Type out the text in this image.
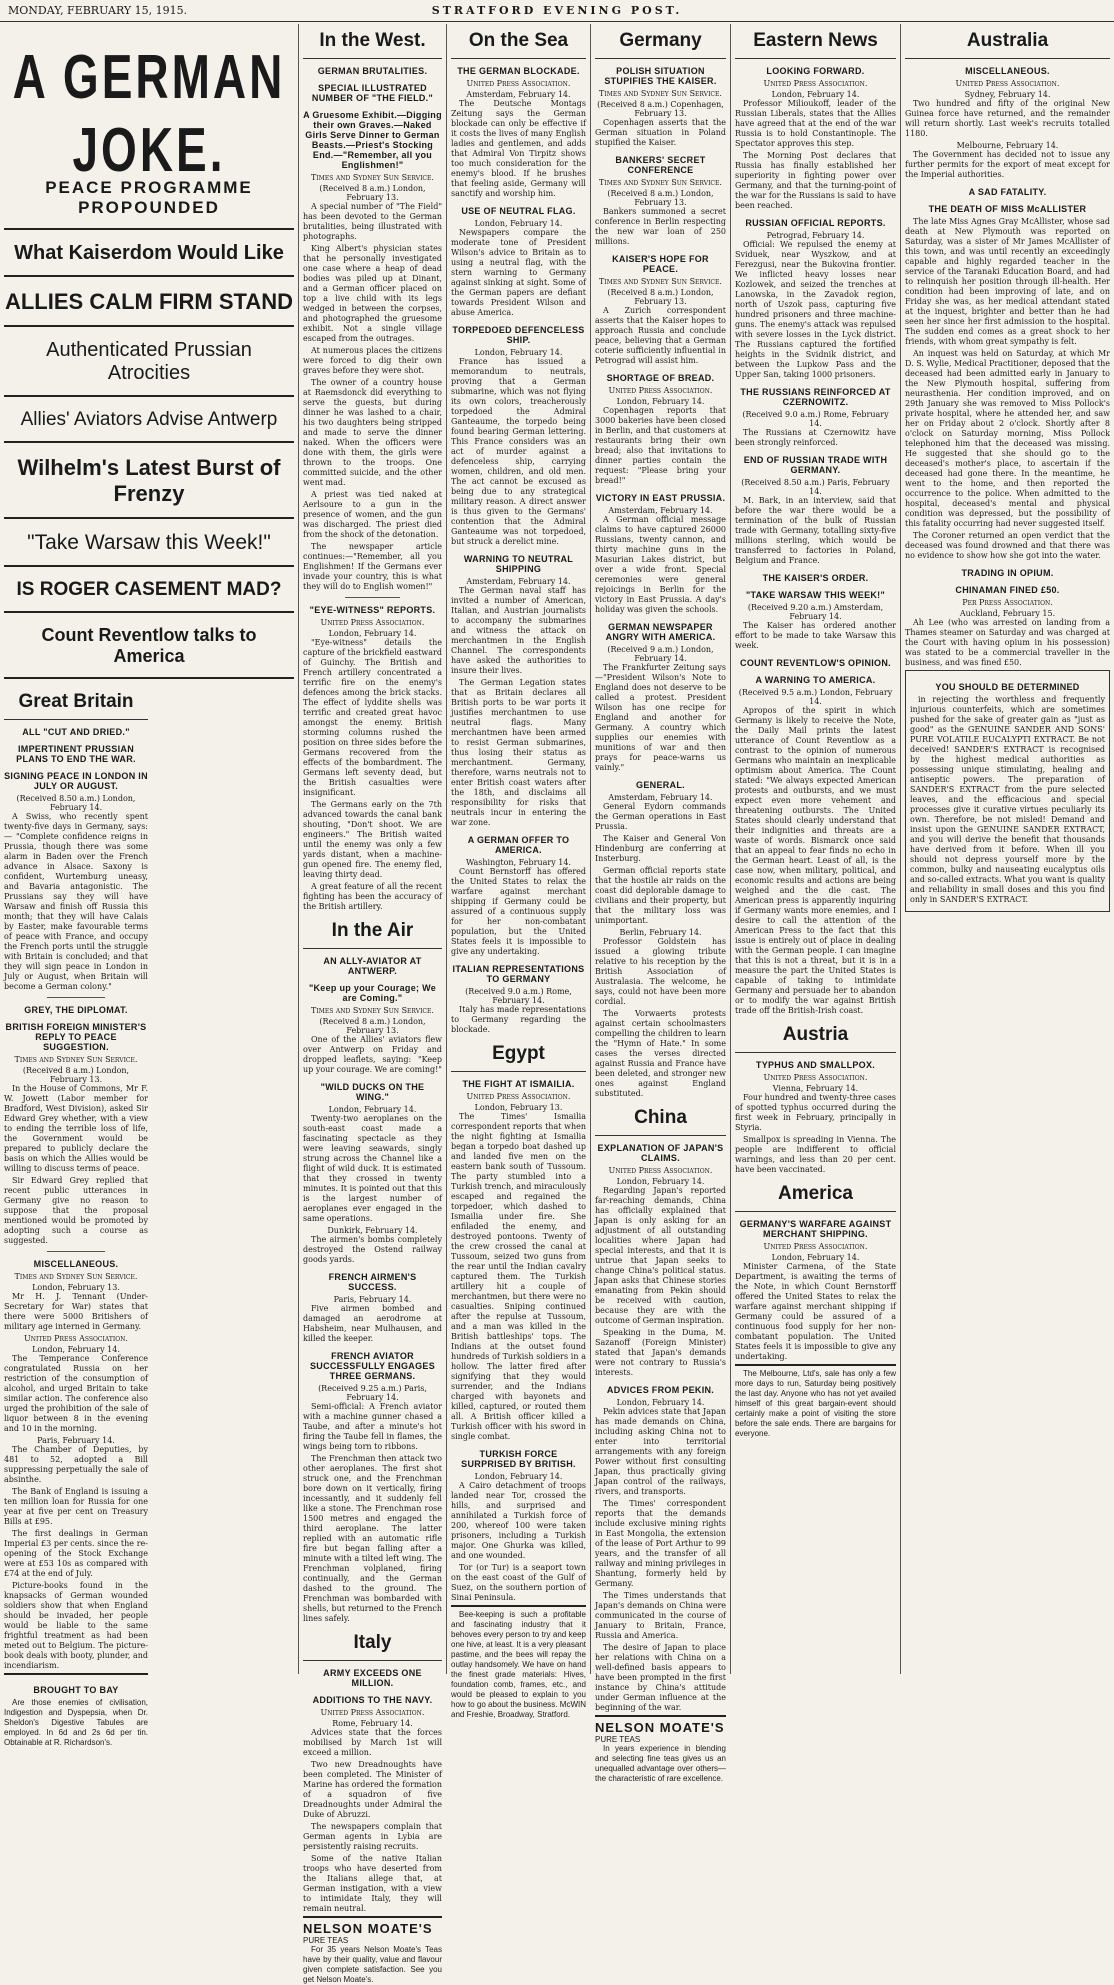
MONDAY, FEBRUARY 15, 1915.	STRATFORD EVENING POST.
A GERMAN JOKE.
PEACE PROGRAMME PROPOUNDED
What Kaiserdom Would Like
ALLIES CALM FIRM STAND
Authenticated Prussian Atrocities
Allies' Aviators Advise Antwerp
Wilhelm's Latest Burst of Frenzy
"Take Warsaw this Week!"
IS ROGER CASEMENT MAD?
Count Reventlow talks to America
Great Britain
ALL "CUT AND DRIED."
IMPERTINENT PRUSSIAN PLANS TO END THE WAR.
SIGNING PEACE IN LONDON IN JULY OR AUGUST.
(Received 8.50 a.m.) London, February 14.

A Swiss, who recently spent twenty-five days in Germany, says:— "Complete confidence reigns in Prussia, though there was some alarm in Baden over the French advance in Alsace. Saxony is confident, Wurtemburg uneasy, and Bavaria antagonistic. The Prussians say they will have Warsaw and finish off Russia this month; that they will have Calais by Easter, make favourable terms of peace with France, and occupy the French ports until the struggle with Britain is concluded; and that they will sign peace in London in July or August, when Britain will become a German colony."

GREY, THE DIPLOMAT.
BRITISH FOREIGN MINISTER'S REPLY TO PEACE SUGGESTION.
Times and Sydney Sun Service.
(Received 8 a.m.) London, February 13.

In the House of Commons, Mr F. W. Jowett (Labor member for Bradford, West Division), asked Sir Edward Grey whether, with a view to ending the terrible loss of life, the Government would be prepared to publicly declare the basis on which the Allies would be willing to discuss terms of peace.

Sir Edward Grey replied that recent public utterances in Germany give no reason to suppose that the proposal mentioned would be promoted by adopting such a course as suggested.

MISCELLANEOUS.
Times and Sydney Sun Service.
London, February 13.

Mr H. J. Tennant (Under-Secretary for War) states that there were 5000 Britishers of military age interned in Germany.

United Press Association.
London, February 14.

The Temperance Conference congratulated Russia on her restriction of the consumption of alcohol, and urged Britain to take similar action. The conference also urged the prohibition of the sale of liquor between 8 in the evening and 10 in the morning.

Paris, February 14.

The Chamber of Deputies, by 481 to 52, adopted a Bill suppressing perpetually the sale of absinthe.

The Bank of England is issuing a ten million loan for Russia for one year at five per cent on Treasury Bills at £95.

The first dealings in German Imperial £3 per cents. since the re-opening of the Stock Exchange were at £53 10s as compared with £74 at the end of July.

Picture-books found in the knapsacks of German wounded soldiers show that when England should be invaded, her people would be liable to the same frightful treatment as had been meted out to Belgium. The picture-book deals with booty, plunder, and incendiarism.

BROUGHT TO BAY

Are those enemies of civilisation, Indigestion and Dyspepsia, when Dr. Sheldon's Digestive Tabules are employed. In 6d and 2s 6d per tin. Obtainable at R. Richardson's.

In the West.
GERMAN BRUTALITIES.
SPECIAL ILLUSTRATED NUMBER OF "THE FIELD."
A Gruesome Exhibit.—Digging their own Graves.—Naked Girls Serve Dinner to German Beasts.—Priest's Stocking End.—"Remember, all you Englishmen!"
Times and Sydney Sun Service.
(Received 8 a.m.) London, February 13.

A special number of "The Field" has been devoted to the German brutalities, being illustrated with photographs.

King Albert's physician states that he personally investigated one case where a heap of dead bodies was piled up at Dinant, and a German officer placed on top a live child with its legs wedged in between the corpses, and photographed the gruesome exhibit. Not a single village escaped from the outrages.

At numerous places the citizens were forced to dig their own graves before they were shot.

The owner of a country house at Raemsdonck did everything to serve the guests, but during dinner he was lashed to a chair, his two daughters being stripped and made to serve the dinner naked. When the officers were done with them, the girls were thrown to the troops. One committed suicide, and the other went mad.

A priest was tied naked at Aerlsoure to a gun in the presence of women, and the gun was discharged. The priest died from the shock of the detonation.

The newspaper article continues:—"Remember, all you Englishmen! If the Germans ever invade your country, this is what they will do to English women!"

"EYE-WITNESS" REPORTS.
United Press Association.
London, February 14.

"Eye-witness" details the capture of the brickfield eastward of Guinchy. The British and French artillery concentrated a terrific fire on the enemy's defences among the brick stacks. The effect of lyddite shells was terrific and created great havoc amongst the enemy. British storming columns rushed the position on three sides before the Germans recovered from the effects of the bombardment. The Germans left seventy dead, but the British casualties were insignificant.

The Germans early on the 7th advanced towards the canal bank shouting, "Don't shoot. We are engineers." The British waited until the enemy was only a few yards distant, when a machine-gun opened fire. The enemy fled, leaving thirty dead.

A great feature of all the recent fighting has been the accuracy of the British artillery.

In the Air
AN ALLY-AVIATOR AT ANTWERP.
"Keep up your Courage; We are Coming."
Times and Sydney Sun Service.
(Received 8 a.m.) London, February 13.

One of the Allies' aviators flew over Antwerp on Friday and dropped leaflets, saying: "Keep up your courage. We are coming!"

"WILD DUCKS ON THE WING."
London, February 14.

Twenty-two aeroplanes on the south-east coast made a fascinating spectacle as they were leaving seawards, singly strung across the Channel like a flight of wild duck. It is estimated that they crossed in twenty minutes. It is pointed out that this is the largest number of aeroplanes ever engaged in the same operations.

Dunkirk, February 14.

The airmen's bombs completely destroyed the Ostend railway goods yards.

FRENCH AIRMEN'S SUCCESS.
Paris, February 14.

Five airmen bombed and damaged an aerodrome at Habsheim, near Mulhausen, and killed the keeper.

FRENCH AVIATOR SUCCESSFULLY ENGAGES THREE GERMANS.
(Received 9.25 a.m.) Paris, February 14.

Semi-official: A French aviator with a machine gunner chased a Taube, and after a minute's hot firing the Taube fell in flames, the wings being torn to ribbons.

The Frenchman then attack two other aeroplanes. The first shot struck one, and the Frenchman bore down on it vertically, firing incessantly, and it suddenly fell like a stone. The Frenchman rose 1500 metres and engaged the third aeroplane. The latter replied with an automatic rifle fire but began falling after a minute with a tilted left wing. The Frenchman volplaned, firing continually, and the German dashed to the ground. The Frenchman was bombarded with shells, but returned to the French lines safely.

Italy
ARMY EXCEEDS ONE MILLION.
ADDITIONS TO THE NAVY.
United Press Association.
Rome, February 14.

Advices state that the forces mobilised by March 1st will exceed a million.

Two new Dreadnoughts have been completed. The Minister of Marine has ordered the formation of a squadron of five Dreadnoughts under Admiral the Duke of Abruzzi.

The newspapers complain that German agents in Lybia are persistently raising recruits.

Some of the native Italian troops who have deserted from the Italians allege that, at German instigation, with a view to intimidate Italy, they will remain neutral.

NELSON MOATE'S
PURE TEAS

For 35 years Nelson Moate's Teas have by their quality, value and flavour given complete satisfaction. See you get Nelson Moate's.

On the Sea
THE GERMAN BLOCKADE.
United Press Association.
Amsterdam, February 14.

The Deutsche Montags Zeitung says the German blockade can only be effective if it costs the lives of many English ladies and gentlemen, and adds that Admiral Von Tirpitz shows too much consideration for the enemy's blood. If he brushes that feeling aside, Germany will sanctify and worship him.

USE OF NEUTRAL FLAG.
London, February 14.

Newspapers compare the moderate tone of President Wilson's advice to Britain as to using a neutral flag, with the stern warning to Germany against sinking at sight. Some of the German papers are defiant towards President Wilson and abuse America.

TORPEDOED DEFENCELESS SHIP.
London, February 14.

France has issued a memorandum to neutrals, proving that a German submarine, which was not flying its own colors, treacherously torpedoed the Admiral Ganteaume, the torpedo being found bearing German lettering. This France considers was an act of murder against a defenceless ship, carrying women, children, and old men. The act cannot be excused as being due to any strategical military reason. A direct answer is thus given to the Germans' contention that the Admiral Ganteaume was not torpedoed, but struck a derelict mine.

WARNING TO NEUTRAL SHIPPING
Amsterdam, February 14.

The German naval staff has invited a number of American, Italian, and Austrian journalists to accompany the submarines and witness the attack on merchantmen in the English Channel. The correspondents have asked the authorities to insure their lives.

The German Legation states that as Britain declares all British ports to be war ports it justifies merchantmen to use neutral flags. Many merchantmen have been armed to resist German submarines, thus losing their status as merchantment. Germany, therefore, warns neutrals not to enter British coast waters after the 18th, and disclaims all responsibility for risks that neutrals incur in entering the war zone.

A GERMAN OFFER TO AMERICA.
Washington, February 14.

Count Bernstorff has offered the United States to relax the warfare against merchant shipping if Germany could be assured of a continuous supply for her non-combatant population, but the United States feels it is impossible to give any undertaking.

ITALIAN REPRESENTATIONS TO GERMANY
(Received 9.0 a.m.) Rome, February 14.

Italy has made representations to Germany regarding the blockade.

Egypt
THE FIGHT AT ISMAILIA.
United Press Association.
London, February 13.

The Times' Ismailia correspondent reports that when the night fighting at Ismailia began a torpedo boat dashed up and landed five men on the eastern bank south of Tussoum. The party stumbled into a Turkish trench, and miraculously escaped and regained the torpedoer, which dashed to Ismailia under fire. She enfiladed the enemy, and destroyed pontoons. Twenty of the crew crossed the canal at Tussoum, seized two guns from the rear until the Indian cavalry captured them. The Turkish artillery hit a couple of merchantmen, but there were no casualties. Sniping continued after the repulse at Tussoum, and a man was killed in the British battleships' tops. The Indians at the outset found hundreds of Turkish soldiers in a hollow. The latter fired after signifying that they would surrender, and the Indians charged with bayonets and killed, captured, or routed them all. A British officer killed a Turkish officer with his sword in single combat.

TURKISH FORCE SURPRISED BY BRITISH.
London, February 14.

A Cairo detachment of troops landed near Tor, crossed the hills, and surprised and annihilated a Turkish force of 200, whereof 100 were taken prisoners, including a Turkish major. One Ghurka was killed, and one wounded.

Tor (or Tur) is a seaport town on the east coast of the Gulf of Suez, on the southern portion of Sinai Peninsula.

Bee-keeping is such a profitable and fascinating industry that it behoves every person to try and keep one hive, at least. It is a very pleasant pastime, and the bees will repay the outlay handsomely. We have on hand the finest grade materials: Hives, foundation comb, frames, etc., and would be pleased to explain to you how to go about the business. McWIN and Freshie, Broadway, Stratford.

Germany
POLISH SITUATION STUPIFIES THE KAISER.
Times and Sydney Sun Service.
(Received 8 a.m.) Copenhagen, February 13.

Copenhagen asserts that the German situation in Poland stupified the Kaiser.

BANKERS' SECRET CONFERENCE
Times and Sydney Sun Service.
(Received 8 a.m.) London, February 13.

Bankers summoned a secret conference in Berlin respecting the new war loan of 250 millions.

KAISER'S HOPE FOR PEACE.
Times and Sydney Sun Service.
(Received 8 a.m.) London, February 13.

A Zurich correspondent asserts that the Kaiser hopes to approach Russia and conclude peace, believing that a German coterie sufficiently influential in Petrograd will assist him.

SHORTAGE OF BREAD.
United Press Association.
London, February 14.

Copenhagen reports that 3000 bakeries have been closed in Berlin, and that customers at restaurants bring their own bread; also that invitations to dinner parties contain the request: "Please bring your bread!"

VICTORY IN EAST PRUSSIA.
Amsterdam, February 14.

A German official message claims to have captured 26000 Russians, twenty cannon, and thirty machine guns in the Masurian Lakes district, but over a wide front. Special ceremonies were general rejoicings in Berlin for the victory in East Prussia. A day's holiday was given the schools.

GERMAN NEWSPAPER ANGRY WITH AMERICA.
(Received 9 a.m.) London, February 14.

The Frankfurter Zeitung says—"President Wilson's Note to England does not deserve to be called a protest. President Wilson has one recipe for England and another for Germany. A country which supplies our enemies with munitions of war and then prays for peace-warns us vainly."

GENERAL.
Amsterdam, February 14.

General Eydorn commands the German operations in East Prussia.

The Kaiser and General Von Hindenburg are conferring at Insterburg.

German official reports state that the hostile air raids on the coast did deplorable damage to civilians and their property, but that the military loss was unimportant.

Berlin, February 14.

Professor Goldstein has issued a glowing tribute relative to his reception by the British Association of Australasia. The welcome, he says, could not have been more cordial.

The Vorwaerts protests against certain schoolmasters compelling the children to learn the "Hymn of Hate." In some cases the verses directed against Russia and France have been deleted, and stronger new ones against England substituted.

China
EXPLANATION OF JAPAN'S CLAIMS.
United Press Association.
London, February 14.

Regarding Japan's reported far-reaching demands, China has officially explained that Japan is only asking for an adjustment of all outstanding localities where Japan had special interests, and that it is untrue that Japan seeks to change China's political status. Japan asks that Chinese stories emanating from Pekin should be received with caution, because they are with the outcome of German inspiration.

Speaking in the Duma, M. Sazanoff (Foreign Minister) stated that Japan's demands were not contrary to Russia's interests.

ADVICES FROM PEKIN.
London, February 14.

Pekin advices state that Japan has made demands on China, including asking China not to enter into territorial arrangements with any foreign Power without first consulting Japan, thus practically giving Japan control of the railways, rivers, and transports.

The Times' correspondent reports that the demands include exclusive mining rights in East Mongolia, the extension of the lease of Port Arthur to 99 years, and the transfer of all railway and mining privileges in Shantung, formerly held by Germany.

The Times understands that Japan's demands on China were communicated in the course of January to Britain, France, Russia and America.

The desire of Japan to place her relations with China on a well-defined basis appears to have been prompted in the first instance by China's attitude under German influence at the beginning of the war.

NELSON MOATE'S
PURE TEAS

In years experience in blending and selecting fine teas gives us an unequalled advantage over others—the characteristic of rare excellence.

Eastern News
LOOKING FORWARD.
United Press Association.
London, February 14.

Professor Milioukoff, leader of the Russian Liberals, states that the Allies have agreed that at the end of the war Russia is to hold Constantinople. The Spectator approves this step.

The Morning Post declares that Russia has finally established her superiority in fighting power over Germany, and that the turning-point of the war for the Russians is said to have been reached.

RUSSIAN OFFICIAL REPORTS.
Petrograd, February 14.

Official: We repulsed the enemy at Sviduek, near Wyszkow, and at Ferezgusi, near the Bukovina frontier. We inflicted heavy losses near Kozlowek, and seized the trenches at Lanowska, in the Zavadok region, north of Uszok pass, capturing five hundred prisoners and three machine-guns. The enemy's attack was repulsed with severe losses in the Lyck district. The Russians captured the fortified heights in the Svidnik district, and between the Lupkow Pass and the Upper San, taking 1000 prisoners.

THE RUSSIANS REINFORCED AT CZERNOWITZ.
(Received 9.0 a.m.) Rome, February 14.

The Russians at Czernowitz have been strongly reinforced.

END OF RUSSIAN TRADE WITH GERMANY.
(Received 8.50 a.m.) Paris, February 14.

M. Bark, in an interview, said that before the war there would be a termination of the bulk of Russian trade with Germany, totalling sixty-five millions sterling, which would be transferred to factories in Poland, Belgium and France.

THE KAISER'S ORDER.
"TAKE WARSAW THIS WEEK!"
(Received 9.20 a.m.) Amsterdam, February 14.

The Kaiser has ordered another effort to be made to take Warsaw this week.

COUNT REVENTLOW'S OPINION.
A WARNING TO AMERICA.
(Received 9.5 a.m.) London, February 14.

Apropos of the spirit in which Germany is likely to receive the Note, the Daily Mail prints the latest utterance of Count Reventlow as a contrast to the opinion of numerous Germans who maintain an inexplicable optimism about America. The Count stated: "We always expected American protests and outbursts, and we must expect even more vehement and threatening outbursts. The United States should clearly understand that their indignities and threats are a waste of words. Bismarck once said that an appeal to fear finds no echo in the German heart. Least of all, is the case now, when military, political, and economic results and actions are being weighed and the die cast. The American press is apparently inquiring if Germany wants more enemies, and I desire to call the attention of the American Press to the fact that this issue is entirely out of place in dealing with the German people. I can imagine that this is not a threat, but it is in a measure the part the United States is capable of taking to intimidate Germany and persuade her to abandon or to modify the war against British trade off the British-Irish coast.

Austria
TYPHUS AND SMALLPOX.
United Press Association.
Vienna, February 14.

Four hundred and twenty-three cases of spotted typhus occurred during the first week in February, principally in Styria.

Smallpox is spreading in Vienna. The people are indifferent to official warnings, and less than 20 per cent. have been vaccinated.

America
GERMANY'S WARFARE AGAINST MERCHANT SHIPPING.
United Press Association.
London, February 14.

Minister Carmena, of the State Department, is awaiting the terms of the Note, in which Count Bernstorff offered the United States to relax the warfare against merchant shipping if Germany could be assured of a continuous food supply for her non-combatant population. The United States feels it is impossible to give any undertaking.

The Melbourne, Ltd's, sale has only a few more days to run, Saturday being positively the last day. Anyone who has not yet availed himself of this great bargain-event should certainly make a point of visiting the store before the sale ends. There are bargains for everyone.

Australia
MISCELLANEOUS.
United Press Association.
Sydney, February 14.

Two hundred and fifty of the original New Guinea force have returned, and the remainder will return shortly. Last week's recruits totalled 1180.

Melbourne, February 14.

The Government has decided not to issue any further permits for the export of meat except for the Imperial authorities.

A SAD FATALITY.
THE DEATH OF MISS McALLISTER

The late Miss Agnes Gray McAllister, whose sad death at New Plymouth was reported on Saturday, was a sister of Mr James McAllister of this town, and was until recently an exceedingly capable and highly regarded teacher in the service of the Taranaki Education Board, and had to relinquish her position through ill-health. Her condition had been improving of late, and on Friday she was, as her medical attendant stated at the inquest, brighter and better than he had seen her since her first admission to the hospital. The sudden end comes as a great shock to her friends, with whom great sympathy is felt.

An inquest was held on Saturday, at which Mr D. S. Wylie, Medical Practitioner, deposed that the deceased had been admitted early in January to the New Plymouth hospital, suffering from neurasthenia. Her condition improved, and on 29th January she was removed to Miss Pollock's private hospital, where he attended her, and saw her on Friday about 2 o'clock. Shortly after 8 o'clock on Saturday morning, Miss Pollock telephoned him that the deceased was missing. He suggested that she should go to the deceased's mother's place, to ascertain if the deceased had gone there. In the meantime, he went to the home, and then reported the occurrence to the police. When admitted to the hospital, deceased's mental and physical condition was depressed, but the possibility of this fatality occurring had never suggested itself.

The Coroner returned an open verdict that the deceased was found drowned and that there was no evidence to show how she got into the water.

TRADING IN OPIUM.
CHINAMAN FINED £50.
Per Press Association.
Auckland, February 15.

Ah Lee (who was arrested on landing from a Thames steamer on Saturday and was charged at the Court with having opium in his possession) was stated to be a commercial traveller in the business, and was fined £50.

YOU SHOULD BE DETERMINED

in rejecting the worthless and frequently injurious counterfeits, which are sometimes pushed for the sake of greater gain as "just as good" as the GENUINE SANDER AND SONS' PURE VOLATILE EUCALYPTI EXTRACT. Be not deceived! SANDER'S EXTRACT is recognised by the highest medical authorities as possessing unique stimulating, healing and antiseptic powers. The preparation of SANDER'S EXTRACT from the pure selected leaves, and the efficacious and special processes give it curative virtues peculiarly its own. Therefore, be not misled! Demand and insist upon the GENUINE SANDER EXTRACT, and you will derive the benefit that thousands have derived from it before. When ill you should not depress yourself more by the common, bulky and nauseating eucalyptus oils and so-called extracts. What you want is quality and reliability in small doses and this you find only in SANDER'S EXTRACT.
